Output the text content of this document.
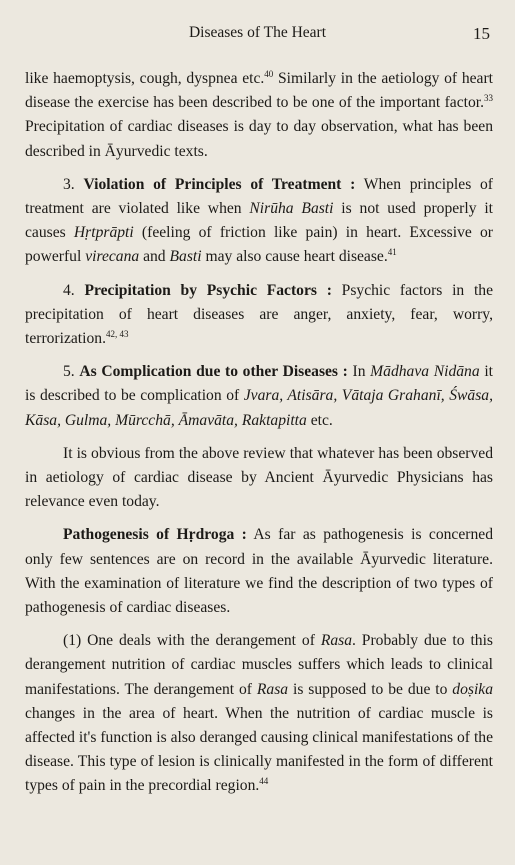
Diseases of The Heart	15

like haemoptysis, cough, dyspnea etc.$^{40}$ Similarly in the aetiology of heart disease the exercise has been described to be one of the important factor.$^{33}$ Precipitation of cardiac diseases is day to day observation, what has been described in Āyurvedic texts.

3. Violation of Principles of Treatment : When principles of treatment are violated like when Nirūha Basti is not used properly it causes Hṛtprāpti (feeling of friction like pain) in heart. Excessive or powerful virecana and Basti may also cause heart disease.$^{41}$

4. Precipitation by Psychic Factors : Psychic factors in the precipitation of heart diseases are anger, anxiety, fear, worry, terrorization.$^{42, 43}$

5. As Complication due to other Diseases : In Mādhava Nidāna it is described to be complication of Jvara, Atisāra, Vātaja Grahanī, Śwāsa, Kāsa, Gulma, Mūrcchā, Āmavāta, Raktapitta etc.

It is obvious from the above review that whatever has been observed in aetiology of cardiac disease by Ancient Āyurvedic Physicians has relevance even today.

Pathogenesis of Hṛdroga : As far as pathogenesis is concerned only few sentences are on record in the available Āyurvedic literature. With the examination of literature we find the description of two types of pathogenesis of cardiac diseases.

(1) One deals with the derangement of Rasa. Probably due to this derangement nutrition of cardiac muscles suffers which leads to clinical manifestations. The derangement of Rasa is supposed to be due to doṣika changes in the area of heart. When the nutrition of cardiac muscle is affected it's function is also deranged causing clinical manifestations of the disease. This type of lesion is clinically manifested in the form of different types of pain in the precordial region.$^{44}$
